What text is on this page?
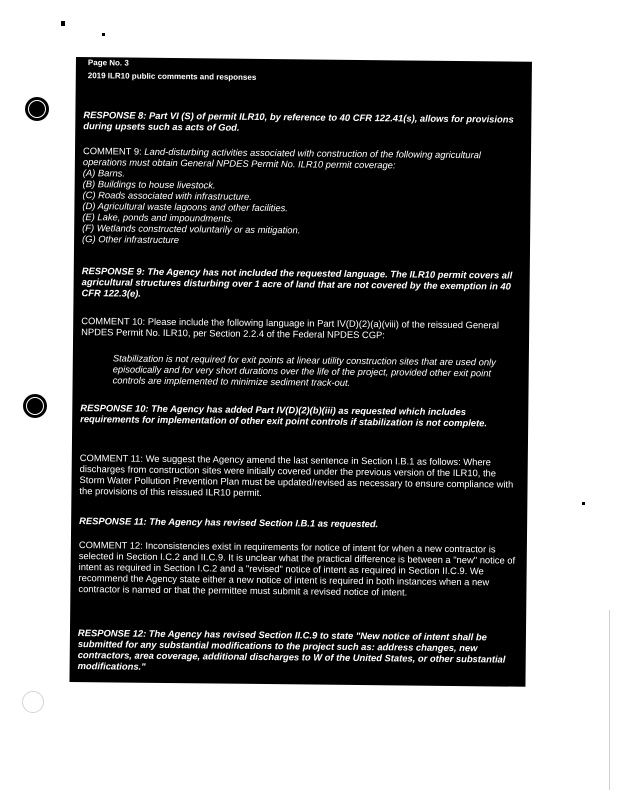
Page No. 3
2019 ILR10 public comments and responses
RESPONSE 8: Part VI (S) of permit ILR10, by reference to 40 CFR 122.41(s), allows for provisions during upsets such as acts of God.
COMMENT 9: Land-disturbing activities associated with construction of the following agricultural operations must obtain General NPDES Permit No. ILR10 permit coverage:
(A) Barns.
(B) Buildings to house livestock.
(C) Roads associated with infrastructure.
(D) Agricultural waste lagoons and other facilities.
(E) Lake, ponds and impoundments.
(F) Wetlands constructed voluntarily or as mitigation.
(G) Other infrastructure
RESPONSE 9: The Agency has not included the requested language. The ILR10 permit covers all agricultural structures disturbing over 1 acre of land that are not covered by the exemption in 40 CFR 122.3(e).
COMMENT 10: Please include the following language in Part IV(D)(2)(a)(viii) of the reissued General NPDES Permit No. ILR10, per Section 2.2.4 of the Federal NPDES CGP:
Stabilization is not required for exit points at linear utility construction sites that are used only episodically and for very short durations over the life of the project, provided other exit point controls are implemented to minimize sediment track-out.
RESPONSE 10: The Agency has added Part IV(D)(2)(b)(iii) as requested which includes requirements for implementation of other exit point controls if stabilization is not complete.
COMMENT 11: We suggest the Agency amend the last sentence in Section I.B.1 as follows: Where discharges from construction sites were initially covered under the previous version of the ILR10, the Storm Water Pollution Prevention Plan must be updated/revised as necessary to ensure compliance with the provisions of this reissued ILR10 permit.
RESPONSE 11: The Agency has revised Section I.B.1 as requested.
COMMENT 12: Inconsistencies exist in requirements for notice of intent for when a new contractor is selected in Section I.C.2 and II.C.9. It is unclear what the practical difference is between a "new" notice of intent as required in Section I.C.2 and a "revised" notice of intent as required in Section II.C.9. We recommend the Agency state either a new notice of intent is required in both instances when a new contractor is named or that the permittee must submit a revised notice of intent.
RESPONSE 12: The Agency has revised Section II.C.9 to state "New notice of intent shall be submitted for any substantial modifications to the project such as: address changes, new contractors, area coverage, additional discharges to W of the United States, or other substantial modifications."
